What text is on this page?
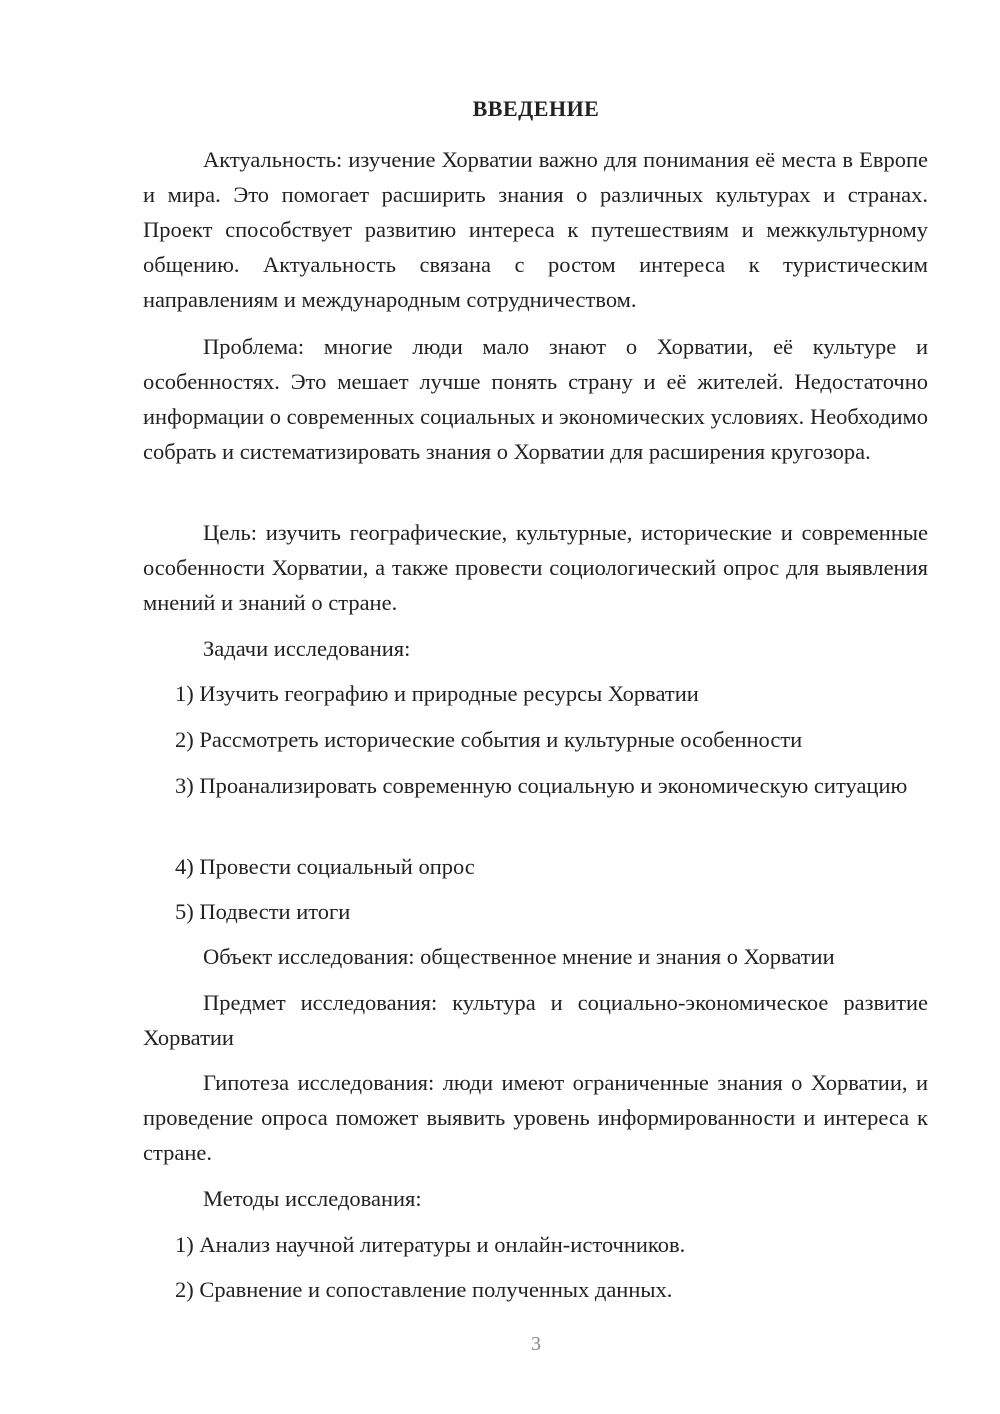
ВВЕДЕНИЕ

Актуальность: изучение Хорватии важно для понимания её места в Европе и мира. Это помогает расширить знания о различных культурах и странах. Проект способствует развитию интереса к путешествиям и межкультурному общению. Актуальность связана с ростом интереса к туристическим направлениям и международным сотрудничеством.

Проблема: многие люди мало знают о Хорватии, её культуре и особенностях. Это мешает лучше понять страну и её жителей. Недостаточно информации о современных социальных и экономических условиях. Необходимо собрать и систематизировать знания о Хорватии для расширения кругозора.

Цель: изучить географические, культурные, исторические и современные особенности Хорватии, а также провести социологический опрос для выявления мнений и знаний о стране.

Задачи исследования:

1) Изучить географию и природные ресурсы Хорватии

2) Рассмотреть исторические события и культурные особенности

3) Проанализировать современную социальную и экономическую ситуацию

4) Провести социальный опрос

5) Подвести итоги

Объект исследования: общественное мнение и знания о Хорватии

Предмет исследования: культура и социально-экономическое развитие Хорватии

Гипотеза исследования: люди имеют ограниченные знания о Хорватии, и проведение опроса поможет выявить уровень информированности и интереса к стране.

Методы исследования:

1) Анализ научной литературы и онлайн-источников.

2) Сравнение и сопоставление полученных данных.

3
